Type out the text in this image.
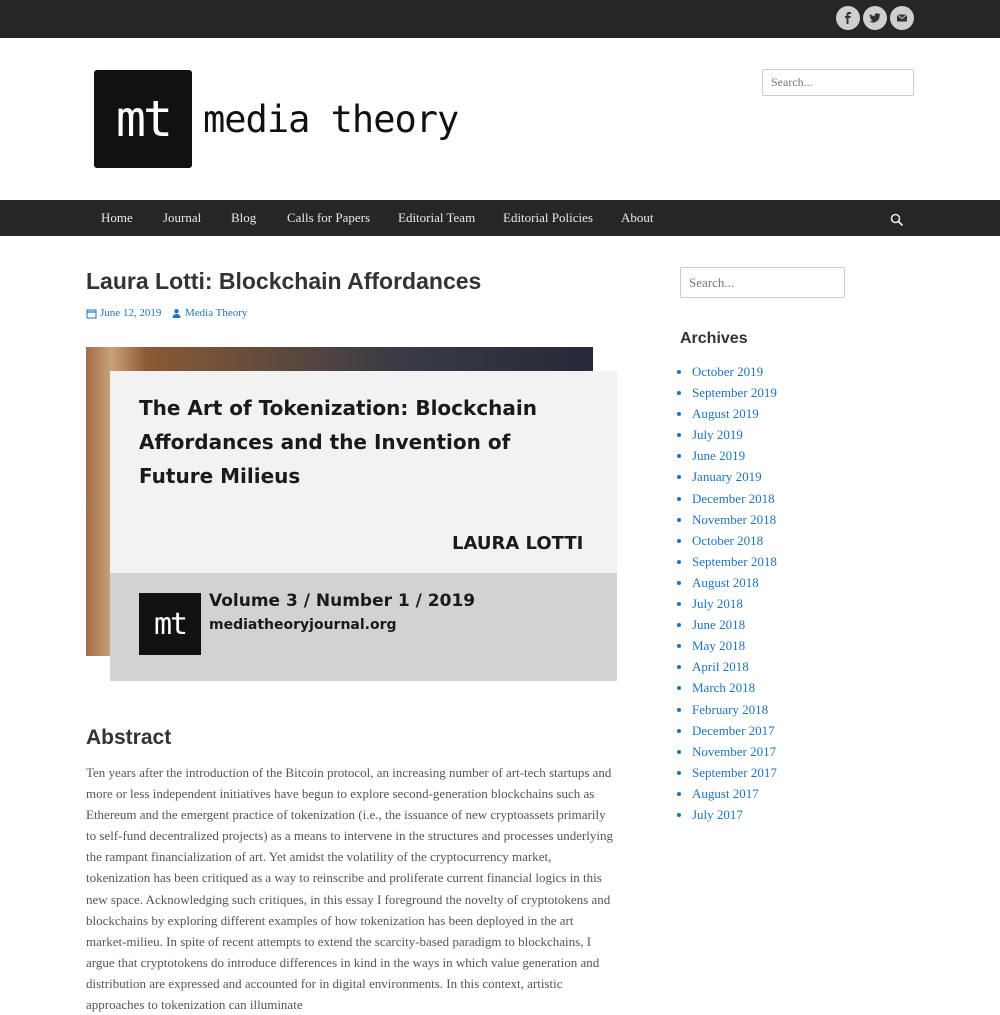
mt media theory
Search...
Home Journal Blog Calls for Papers Editorial Team Editorial Policies About
Laura Lotti: Blockchain Affordances
June 12, 2019 Media Theory
The Art of Tokenization: Blockchain Affordances and the Invention of Future Milieus
LAURA LOTTI
mt
Volume 3 / Number 1 / 2019
mediatheoryjournal.org
Abstract

Ten years after the introduction of the Bitcoin protocol, an increasing number of art-tech startups and more or less independent initiatives have begun to explore second-generation blockchains such as Ethereum and the emergent practice of tokenization (i.e., the issuance of new cryptoassets primarily to self-fund decentralized projects) as a means to intervene in the structures and processes underlying the rampant financialization of art. Yet amidst the volatility of the cryptocurrency market, tokenization has been critiqued as a way to reinscribe and proliferate current financial logics in this new space. Acknowledging such critiques, in this essay I foreground the novelty of cryptotokens and blockchains by exploring different examples of how tokenization has been deployed in the art market-milieu. In spite of recent attempts to extend the scarcity-based paradigm to blockchains, I argue that cryptotokens do introduce differences in kind in the ways in which value generation and distribution are expressed and accounted for in digital environments. In this context, artistic approaches to tokenization can illuminate

Search...
Archives
• October 2019
• September 2019
• August 2019
• July 2019
• June 2019
• January 2019
• December 2018
• November 2018
• October 2018
• September 2018
• August 2018
• July 2018
• June 2018
• May 2018
• April 2018
• March 2018
• February 2018
• December 2017
• November 2017
• September 2017
• August 2017
• July 2017
